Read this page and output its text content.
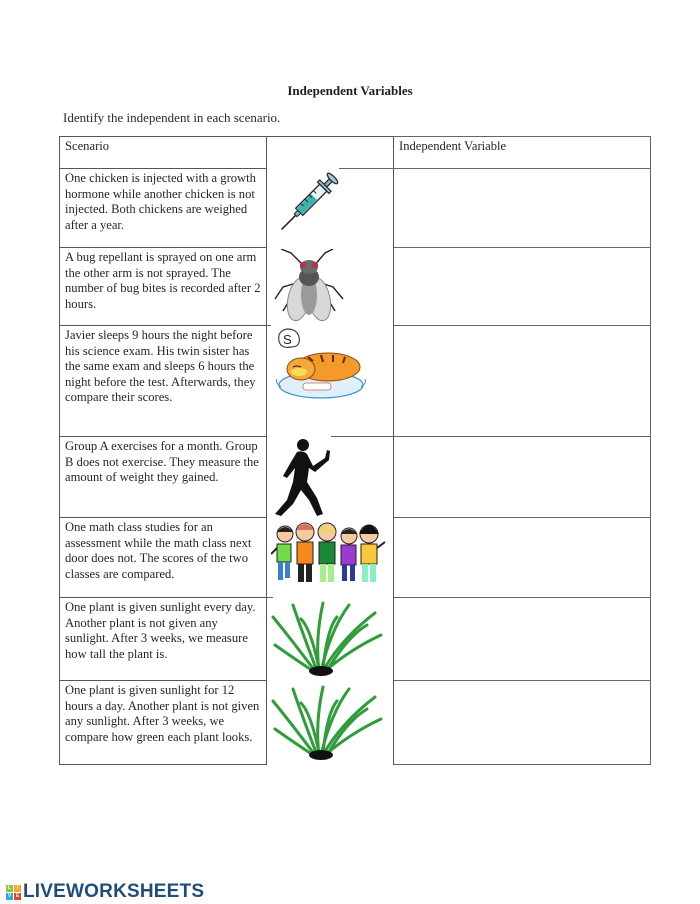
Independent Variables
Identify the independent in each scenario.
Scenario	Independent Variable
One chicken is injected with a growth hormone while another chicken is not injected. Both chickens are weighed after a year.
A bug repellant is sprayed on one arm the other arm is not sprayed. The number of bug bites is recorded after 2 hours.
Javier sleeps 9 hours the night before his science exam. His twin sister has the same exam and sleeps 6 hours the night before the test. Afterwards, they compare their scores.
S
Group A exercises for a month. Group B does not exercise. They measure the amount of weight they gained.
One math class studies for an assessment while the math class next door does not. The scores of the two classes are compared.
One plant is given sunlight every day. Another plant is not given any sunlight. After 3 weeks, we measure how tall the plant is.
One plant is given sunlight for 12 hours a day. Another plant is not given any sunlight. After 3 weeks, we compare how green each plant looks.
L	I
V E LIVEWORKSHEETS
